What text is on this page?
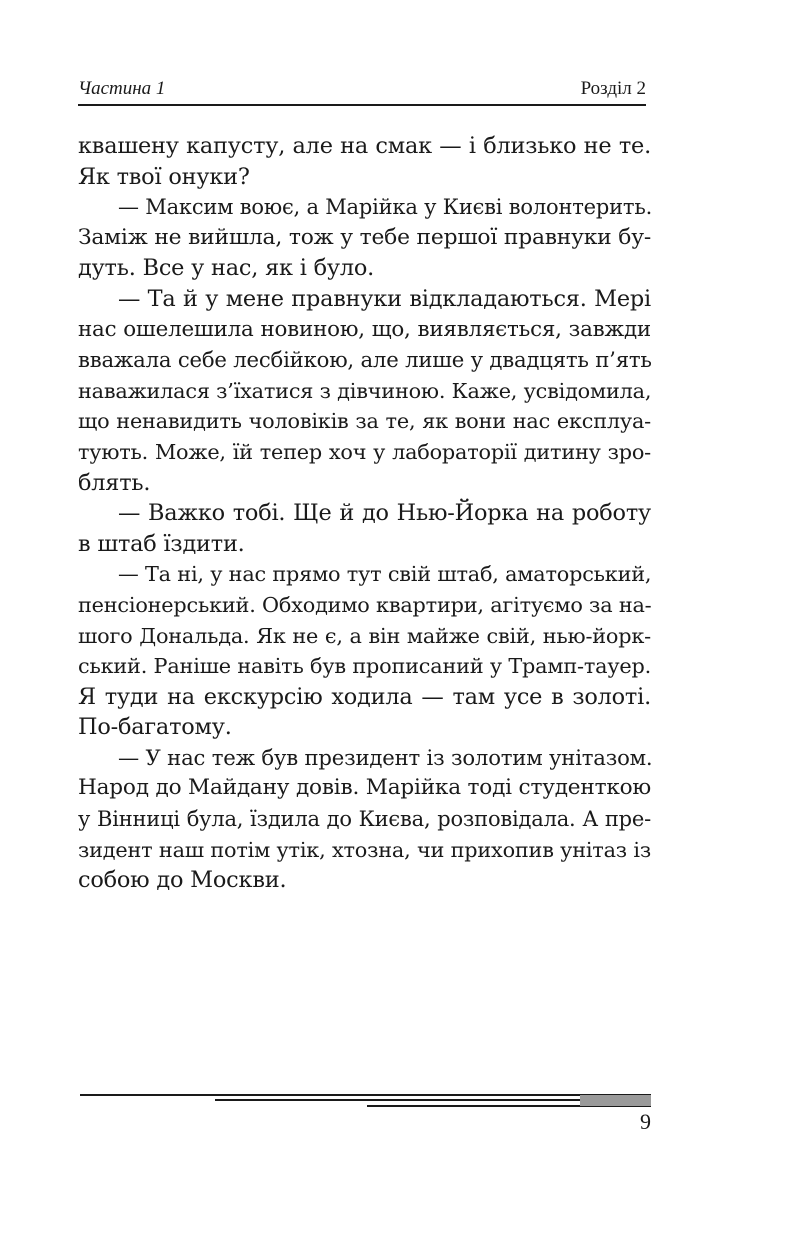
Частина 1	Розділ 2
квашену капусту, але на смак — і близько не те.
Як твої онуки?
— Максим воює, а Марійка у Києві волонтерить.
Заміж не вийшла, тож у тебе першої правнуки бу-
дуть. Все у нас, як і було.
— Та й у мене правнуки відкладаються. Мері
нас ошелешила новиною, що, виявляється, завжди
вважала себе лесбійкою, але лише у двадцять п’ять
наважилася з’їхатися з дівчиною. Каже, усвідомила,
що ненавидить чоловіків за те, як вони нас експлуа-
тують. Може, їй тепер хоч у лабораторії дитину зро-
блять.
— Важко тобі. Ще й до Нью-Йорка на роботу
в штаб їздити.
— Та ні, у нас прямо тут свій штаб, аматорський,
пенсіонерський. Обходимо квартири, агітуємо за на-
шого Дональда. Як не є, а він майже свій, нью-йорк-
ський. Раніше навіть був прописаний у Трамп-тауер.
Я туди на екскурсію ходила — там усе в золоті.
По-багатому.
— У нас теж був президент із золотим унітазом.
Народ до Майдану довів. Марійка тоді студенткою
у Вінниці була, їздила до Києва, розповідала. А пре-
зидент наш потім утік, хтозна, чи прихопив унітаз із
собою до Москви.
9
